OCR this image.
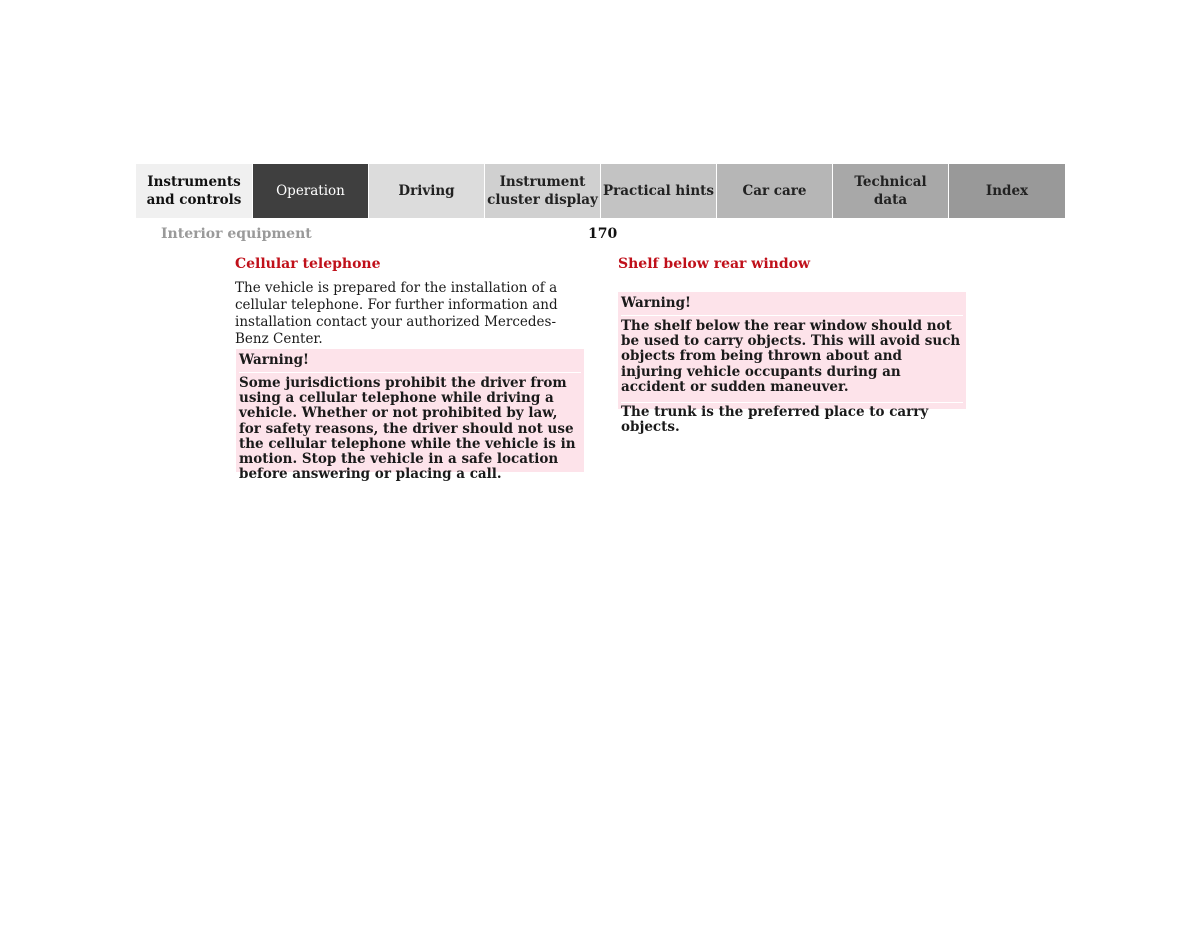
Instruments
and controls
Operation	Driving
Instrument
cluster display
Practical hints	Car care
Technical
data
Index
Interior equipment	170
Cellular telephone
The vehicle is prepared for the installation of a cellular telephone. For further information and installation contact your authorized Mercedes-Benz Center.
Warning!
Some jurisdictions prohibit the driver from using a cellular telephone while driving a vehicle. Whether or not prohibited by law, for safety reasons, the driver should not use the cellular telephone while the vehicle is in motion. Stop the vehicle in a safe location before answering or placing a call.
Shelf below rear window
Warning!
The shelf below the rear window should not be used to carry objects. This will avoid such objects from being thrown about and injuring vehicle occupants during an accident or sudden maneuver.
The trunk is the preferred place to carry objects.
